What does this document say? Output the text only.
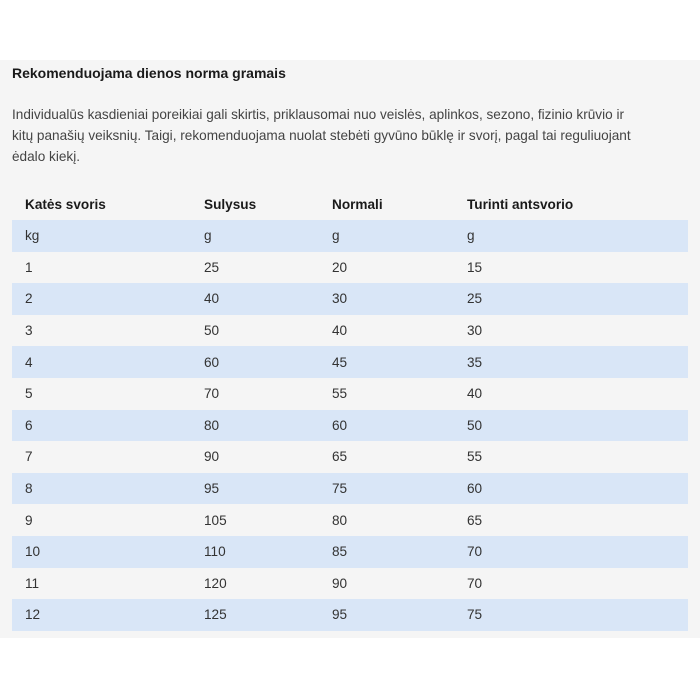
Rekomenduojama dienos norma gramais

Individualūs kasdieniai poreikiai gali skirtis, priklausomai nuo veislės, aplinkos, sezono, fizinio krūvio ir
kitų panašių veiksnių. Taigi, rekomenduojama nuolat stebėti gyvūno būklę ir svorį, pagal tai reguliuojant
ėdalo kiekį.

Katės svoris	Sulysus	Normali	Turinti antsvorio
kg	g	g	g
1	25	20	15
2	40	30	25
3	50	40	30
4	60	45	35
5	70	55	40
6	80	60	50
7	90	65	55
8	95	75	60
9	105	80	65
10	110	85	70
11	120	90	70
12	125	95	75
